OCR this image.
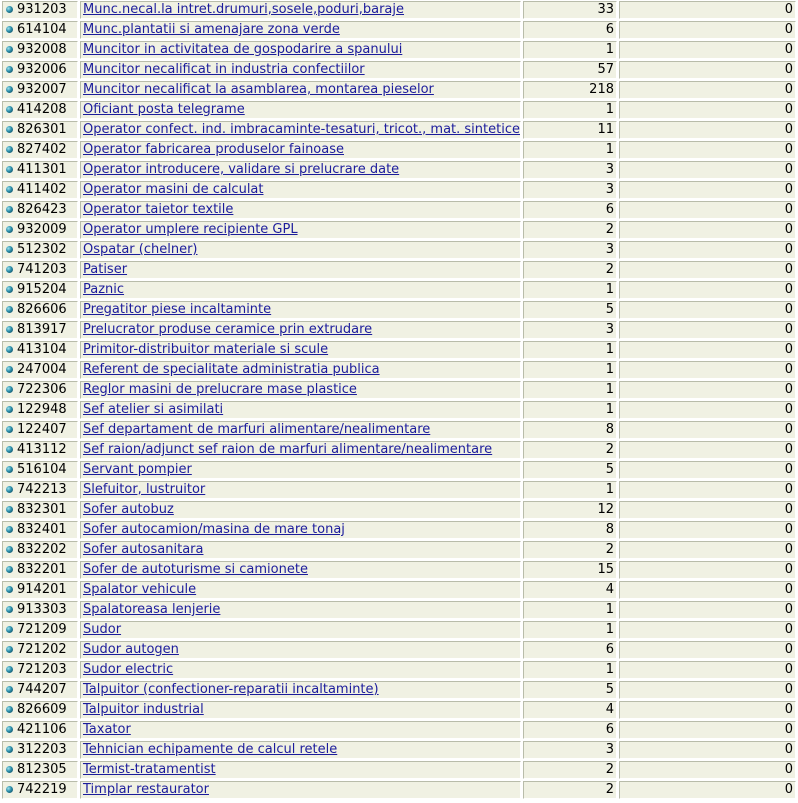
931203	Munc.necal.la intret.drumuri,sosele,poduri,baraje	33	0
614104	Munc.plantatii si amenajare zona verde	6	0
932008	Muncitor in activitatea de gospodarire a spanului	1	0
932006	Muncitor necalificat in industria confectiilor	57	0
932007	Muncitor necalificat la asamblarea, montarea pieselor	218	0
414208	Oficiant posta telegrame	1	0
826301	Operator confect. ind. imbracaminte-tesaturi, tricot., mat. sintetice	11	0
827402	Operator fabricarea produselor fainoase	1	0
411301	Operator introducere, validare si prelucrare date	3	0
411402	Operator masini de calculat	3	0
826423	Operator taietor textile	6	0
932009	Operator umplere recipiente GPL	2	0
512302	Ospatar (chelner)	3	0
741203	Patiser	2	0
915204	Paznic	1	0
826606	Pregatitor piese incaltaminte	5	0
813917	Prelucrator produse ceramice prin extrudare	3	0
413104	Primitor-distribuitor materiale si scule	1	0
247004	Referent de specialitate administratia publica	1	0
722306	Reglor masini de prelucrare mase plastice	1	0
122948	Sef atelier si asimilati	1	0
122407	Sef departament de marfuri alimentare/nealimentare	8	0
413112	Sef raion/adjunct sef raion de marfuri alimentare/nealimentare	2	0
516104	Servant pompier	5	0
742213	Slefuitor, lustruitor	1	0
832301	Sofer autobuz	12	0
832401	Sofer autocamion/masina de mare tonaj	8	0
832202	Sofer autosanitara	2	0
832201	Sofer de autoturisme si camionete	15	0
914201	Spalator vehicule	4	0
913303	Spalatoreasa lenjerie	1	0
721209	Sudor	1	0
721202	Sudor autogen	6	0
721203	Sudor electric	1	0
744207	Talpuitor (confectioner-reparatii incaltaminte)	5	0
826609	Talpuitor industrial	4	0
421106	Taxator	6	0
312203	Tehnician echipamente de calcul retele	3	0
812305	Termist-tratamentist	2	0
742219	Timplar restaurator	2	0
